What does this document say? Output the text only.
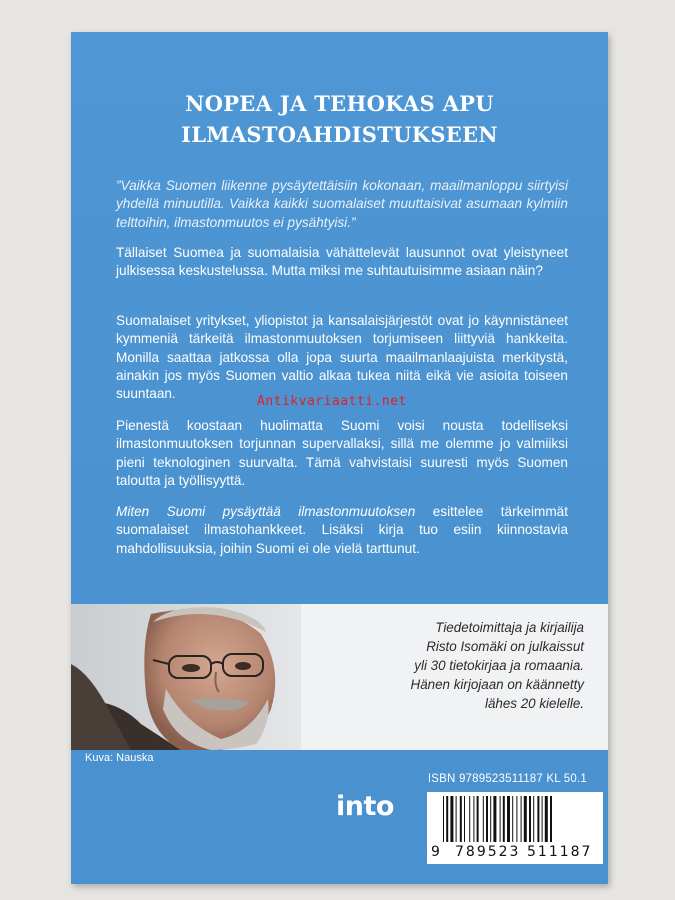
NOPEA JA TEHOKAS APU
ILMASTOAHDISTUKSEEN

”Vaikka Suomen liikenne pysäytettäisiin kokonaan, maailmanloppu siirtyisi yhdellä minuutilla. Vaikka kaikki suomalaiset muuttaisivat asumaan kylmiin telttoihin, ilmastonmuutos ei pysähtyisi.”

Tällaiset Suomea ja suomalaisia vähättelevät lausunnot ovat yleistyneet julkisessa keskustelussa. Mutta miksi me suhtautuisimme asiaan näin?

Suomalaiset yritykset, yliopistot ja kansalaisjärjestöt ovat jo käynnistäneet kymmeniä tärkeitä ilmastonmuutoksen torjumiseen liittyviä hankkeita. Monilla saattaa jatkossa olla jopa suurta maailmanlaajuista merkitystä, ainakin jos myös Suomen valtio alkaa tukea niitä eikä vie asioita toiseen suuntaan.

Pienestä koostaan huolimatta Suomi voisi nousta todelliseksi ilmastonmuutoksen torjunnan supervallaksi, sillä me olemme jo valmiiksi pieni teknologinen suurvalta. Tämä vahvistaisi suuresti myös Suomen taloutta ja työllisyyttä.

Miten Suomi pysäyttää ilmastonmuutoksen esittelee tärkeimmät suomalaiset ilmastohankkeet. Lisäksi kirja tuo esiin kiinnostavia mahdollisuuksia, joihin Suomi ei ole vielä tarttunut.

Antikvariaatti.net
Tiedetoimittaja ja kirjailija
Risto Isomäki on julkaissut
yli 30 tietokirjaa ja romaania.
Hänen kirjojaan on käännetty
lähes 20 kielelle.
Kuva: Nauska
ISBN 9789523511187 KL 50.1
into
9 789523 511187
